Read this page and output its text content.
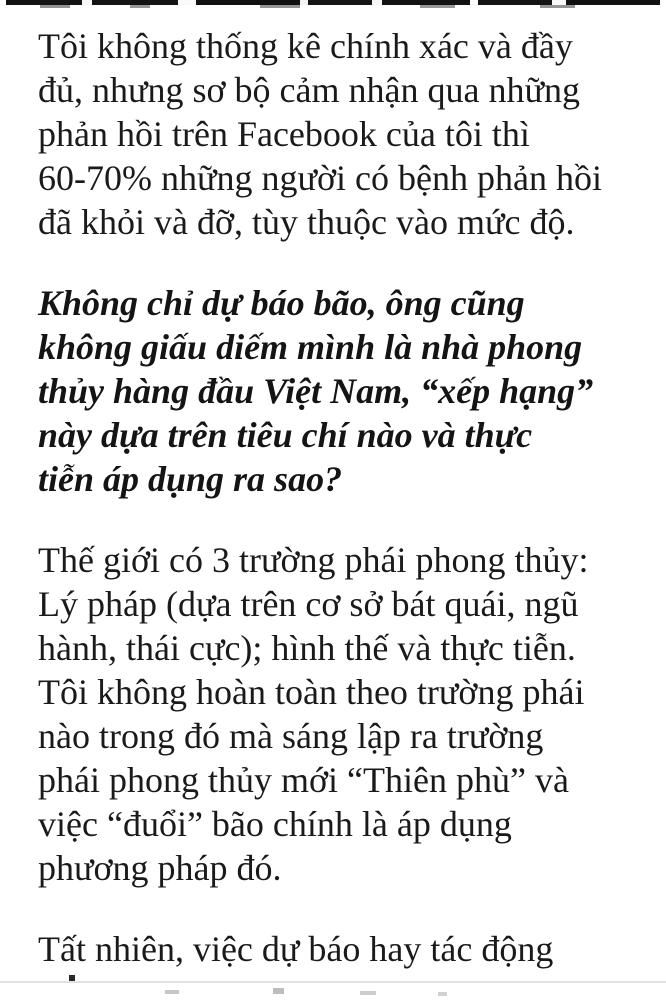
Tôi không thống kê chính xác và đầy
đủ, nhưng sơ bộ cảm nhận qua những
phản hồi trên Facebook của tôi thì
60-70% những người có bệnh phản hồi
đã khỏi và đỡ, tùy thuộc vào mức độ.

Không chỉ dự báo bão, ông cũng
không giấu diếm mình là nhà phong
thủy hàng đầu Việt Nam, “xếp hạng”
này dựa trên tiêu chí nào và thực
tiễn áp dụng ra sao?

Thế giới có 3 trường phái phong thủy:
Lý pháp (dựa trên cơ sở bát quái, ngũ
hành, thái cực); hình thế và thực tiễn.
Tôi không hoàn toàn theo trường phái
nào trong đó mà sáng lập ra trường
phái phong thủy mới “Thiên phù” và
việc “đuổi” bão chính là áp dụng
phương pháp đó.

Tất nhiên, việc dự báo hay tác động
